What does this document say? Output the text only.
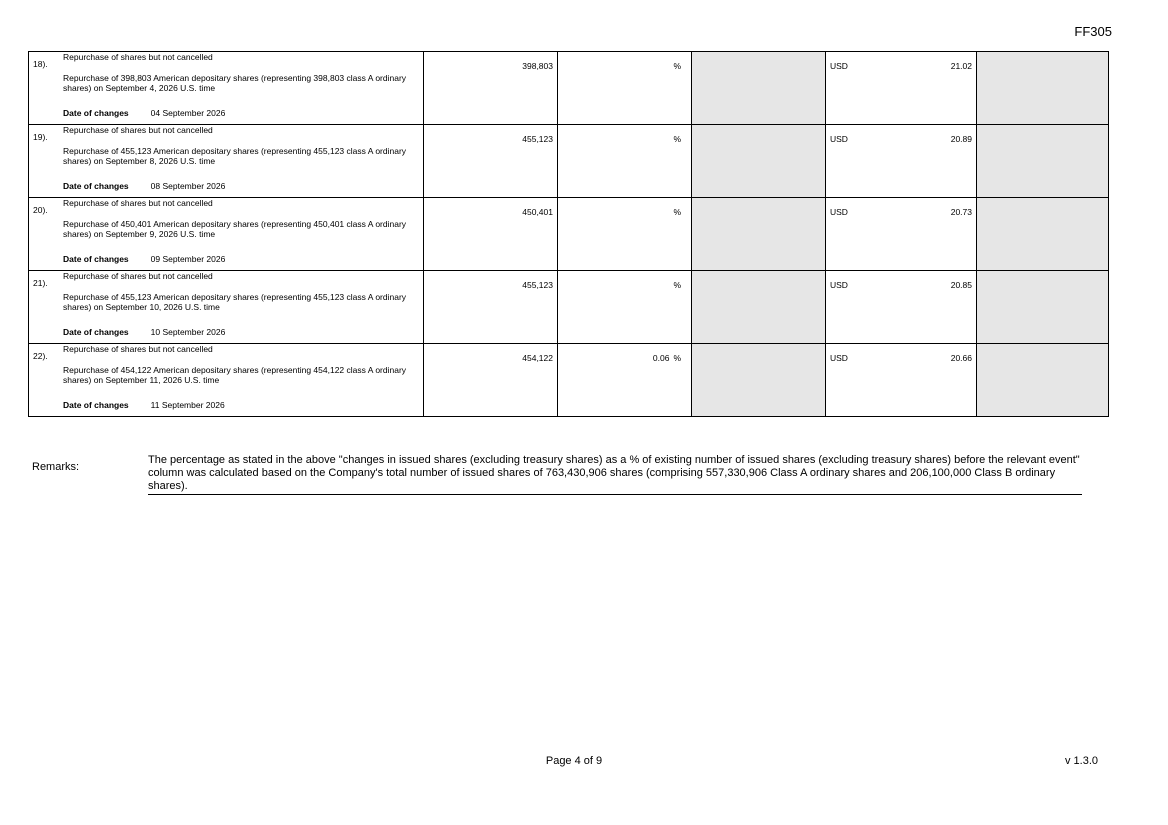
FF305
18).
Repurchase of shares but not cancelled
Repurchase of 398,803 American depositary shares (representing 398,803 class A ordinary shares) on September 4, 2026 U.S. time
Date of changes 04 September 2026	398,803	%		USD 21.02	

19).
Repurchase of shares but not cancelled
Repurchase of 455,123 American depositary shares (representing 455,123 class A ordinary shares) on September 8, 2026 U.S. time
Date of changes 08 September 2026	455,123	%		USD 20.89	

20).
Repurchase of shares but not cancelled
Repurchase of 450,401 American depositary shares (representing 450,401 class A ordinary shares) on September 9, 2026 U.S. time
Date of changes 09 September 2026	450,401	%		USD 20.73	

21).
Repurchase of shares but not cancelled
Repurchase of 455,123 American depositary shares (representing 455,123 class A ordinary shares) on September 10, 2026 U.S. time
Date of changes 10 September 2026	455,123	%		USD 20.85	

22).
Repurchase of shares but not cancelled
Repurchase of 454,122 American depositary shares (representing 454,122 class A ordinary shares) on September 11, 2026 U.S. time
Date of changes 11 September 2026	454,122	0.06 %		USD 20.66	

Remarks:
The percentage as stated in the above "changes in issued shares (excluding treasury shares) as a % of existing number of issued shares (excluding treasury shares) before the relevant event" column was calculated based on the Company's total number of issued shares of 763,430,906 shares (comprising 557,330,906 Class A ordinary shares and 206,100,000 Class B ordinary shares).
Page 4 of 9	v 1.3.0
